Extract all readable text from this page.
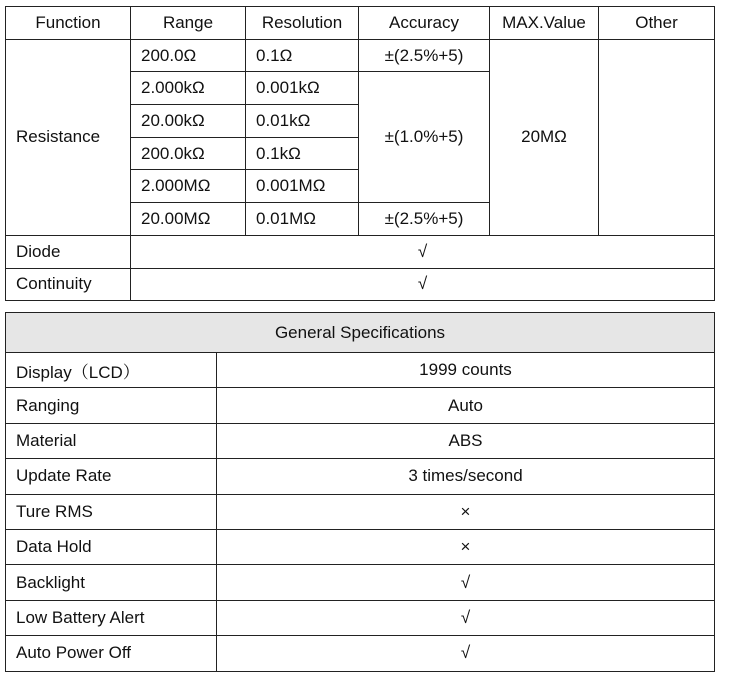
Function	Range	Resolution	Accuracy	MAX.Value	Other
Resistance	200.0Ω	0.1Ω	±(2.5%+5)	20MΩ	
	2.000kΩ	0.001kΩ	±(1.0%+5)		
	20.00kΩ	0.01kΩ			
	200.0kΩ	0.1kΩ			
	2.000MΩ	0.001MΩ			
	20.00MΩ	0.01MΩ	±(2.5%+5)		
Diode	√				
Continuity	√				
General Specifications	
Display（LCD）	1999 counts
Ranging	Auto
Material	ABS
Update Rate	3 times/second
Ture RMS	×
Data Hold	×
Backlight	√
Low Battery Alert	√
Auto Power Off	√
